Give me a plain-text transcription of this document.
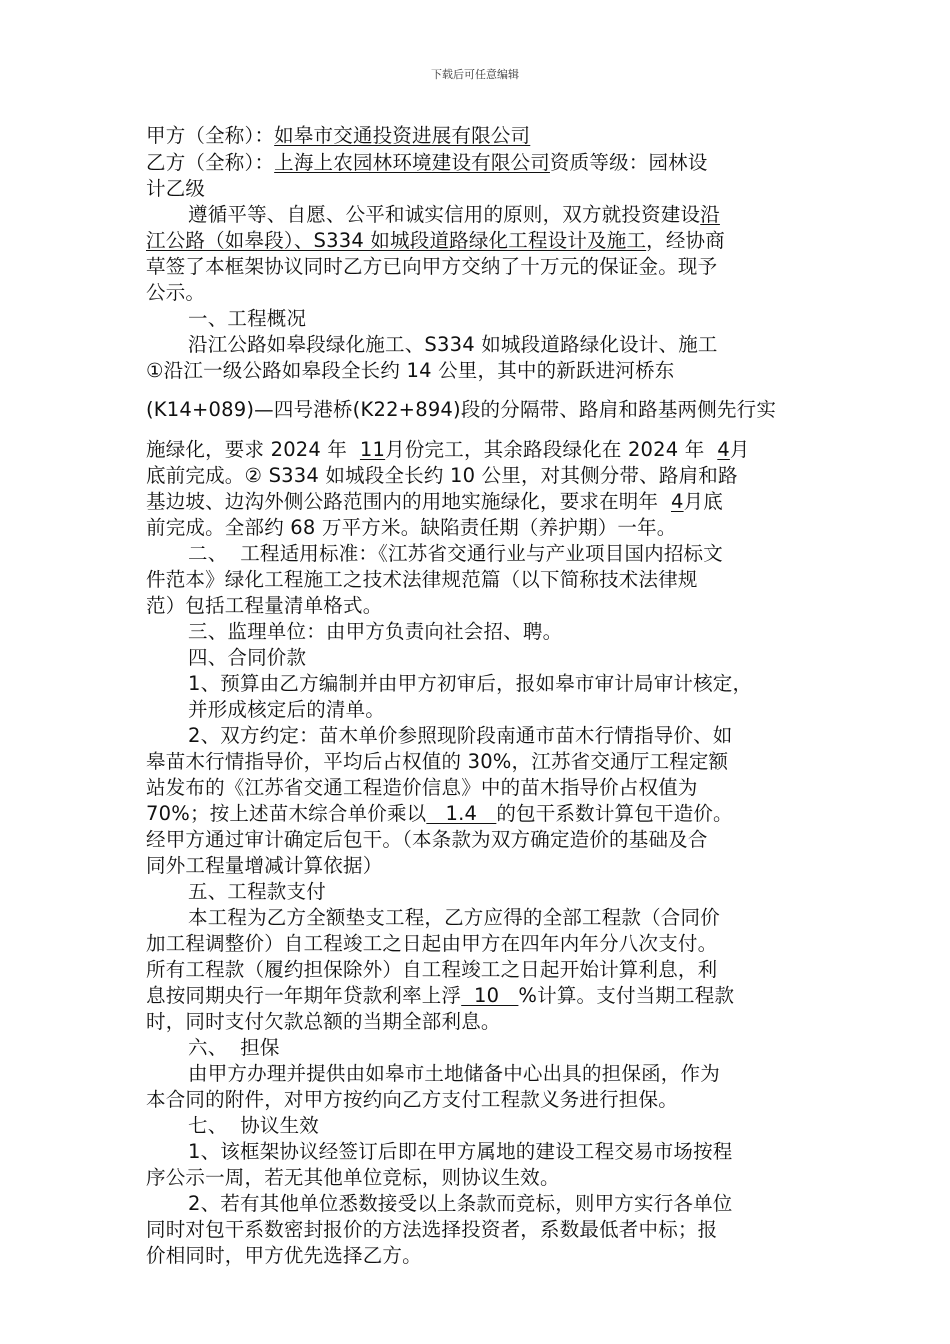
下载后可任意编辑
甲方（全称）：如皋市交通投资进展有限公司
乙方（全称）：上海上农园林环境建设有限公司资质等级：园林设
计乙级
遵循平等、自愿、公平和诚实信用的原则，双方就投资建设沿
江公路（如皋段）、S334 如城段道路绿化工程设计及施工，经协商
草签了本框架协议同时乙方已向甲方交纳了十万元的保证金。现予
公示。
一、工程概况
沿江公路如皋段绿化施工、S334 如城段道路绿化设计、施工
①沿江一级公路如皋段全长约 14 公里，其中的新跃进河桥东
(K14+089)—四号港桥(K22+894)段的分隔带、路肩和路基两侧先行实
施绿化，要求 2024 年  11月份完工，其余路段绿化在 2024 年  4月
底前完成。② S334 如城段全长约 10 公里，对其侧分带、路肩和路
基边坡、边沟外侧公路范围内的用地实施绿化，要求在明年  4月底
前完成。全部约 68 万平方米。缺陷责任期（养护期）一年。
二、  工程适用标准：《江苏省交通行业与产业项目国内招标文
件范本》绿化工程施工之技术法律规范篇（以下简称技术法律规
范）包括工程量清单格式。
三、监理单位：由甲方负责向社会招、聘。
四、合同价款
1、预算由乙方编制并由甲方初审后，报如皋市审计局审计核定，
并形成核定后的清单。
2、双方约定：苗木单价参照现阶段南通市苗木行情指导价、如
皋苗木行情指导价，平均后占权值的 30%，江苏省交通厅工程定额
站发布的《江苏省交通工程造价信息》中的苗木指导价占权值为
70%；按上述苗木综合单价乘以   1.4   的包干系数计算包干造价。
经甲方通过审计确定后包干。（本条款为双方确定造价的基础及合
同外工程量增减计算依据）
五、工程款支付
本工程为乙方全额垫支工程，乙方应得的全部工程款（合同价
加工程调整价）自工程竣工之日起由甲方在四年内年分八次支付。
所有工程款（履约担保除外）自工程竣工之日起开始计算利息，利
息按同期央行一年期年贷款利率上浮  10   %计算。支付当期工程款
时，同时支付欠款总额的当期全部利息。
六、  担保
由甲方办理并提供由如皋市土地储备中心出具的担保函，作为
本合同的附件，对甲方按约向乙方支付工程款义务进行担保。
七、  协议生效
1、该框架协议经签订后即在甲方属地的建设工程交易市场按程
序公示一周，若无其他单位竞标，则协议生效。
2、若有其他单位悉数接受以上条款而竞标，则甲方实行各单位
同时对包干系数密封报价的方法选择投资者，系数最低者中标；报
价相同时，甲方优先选择乙方。
